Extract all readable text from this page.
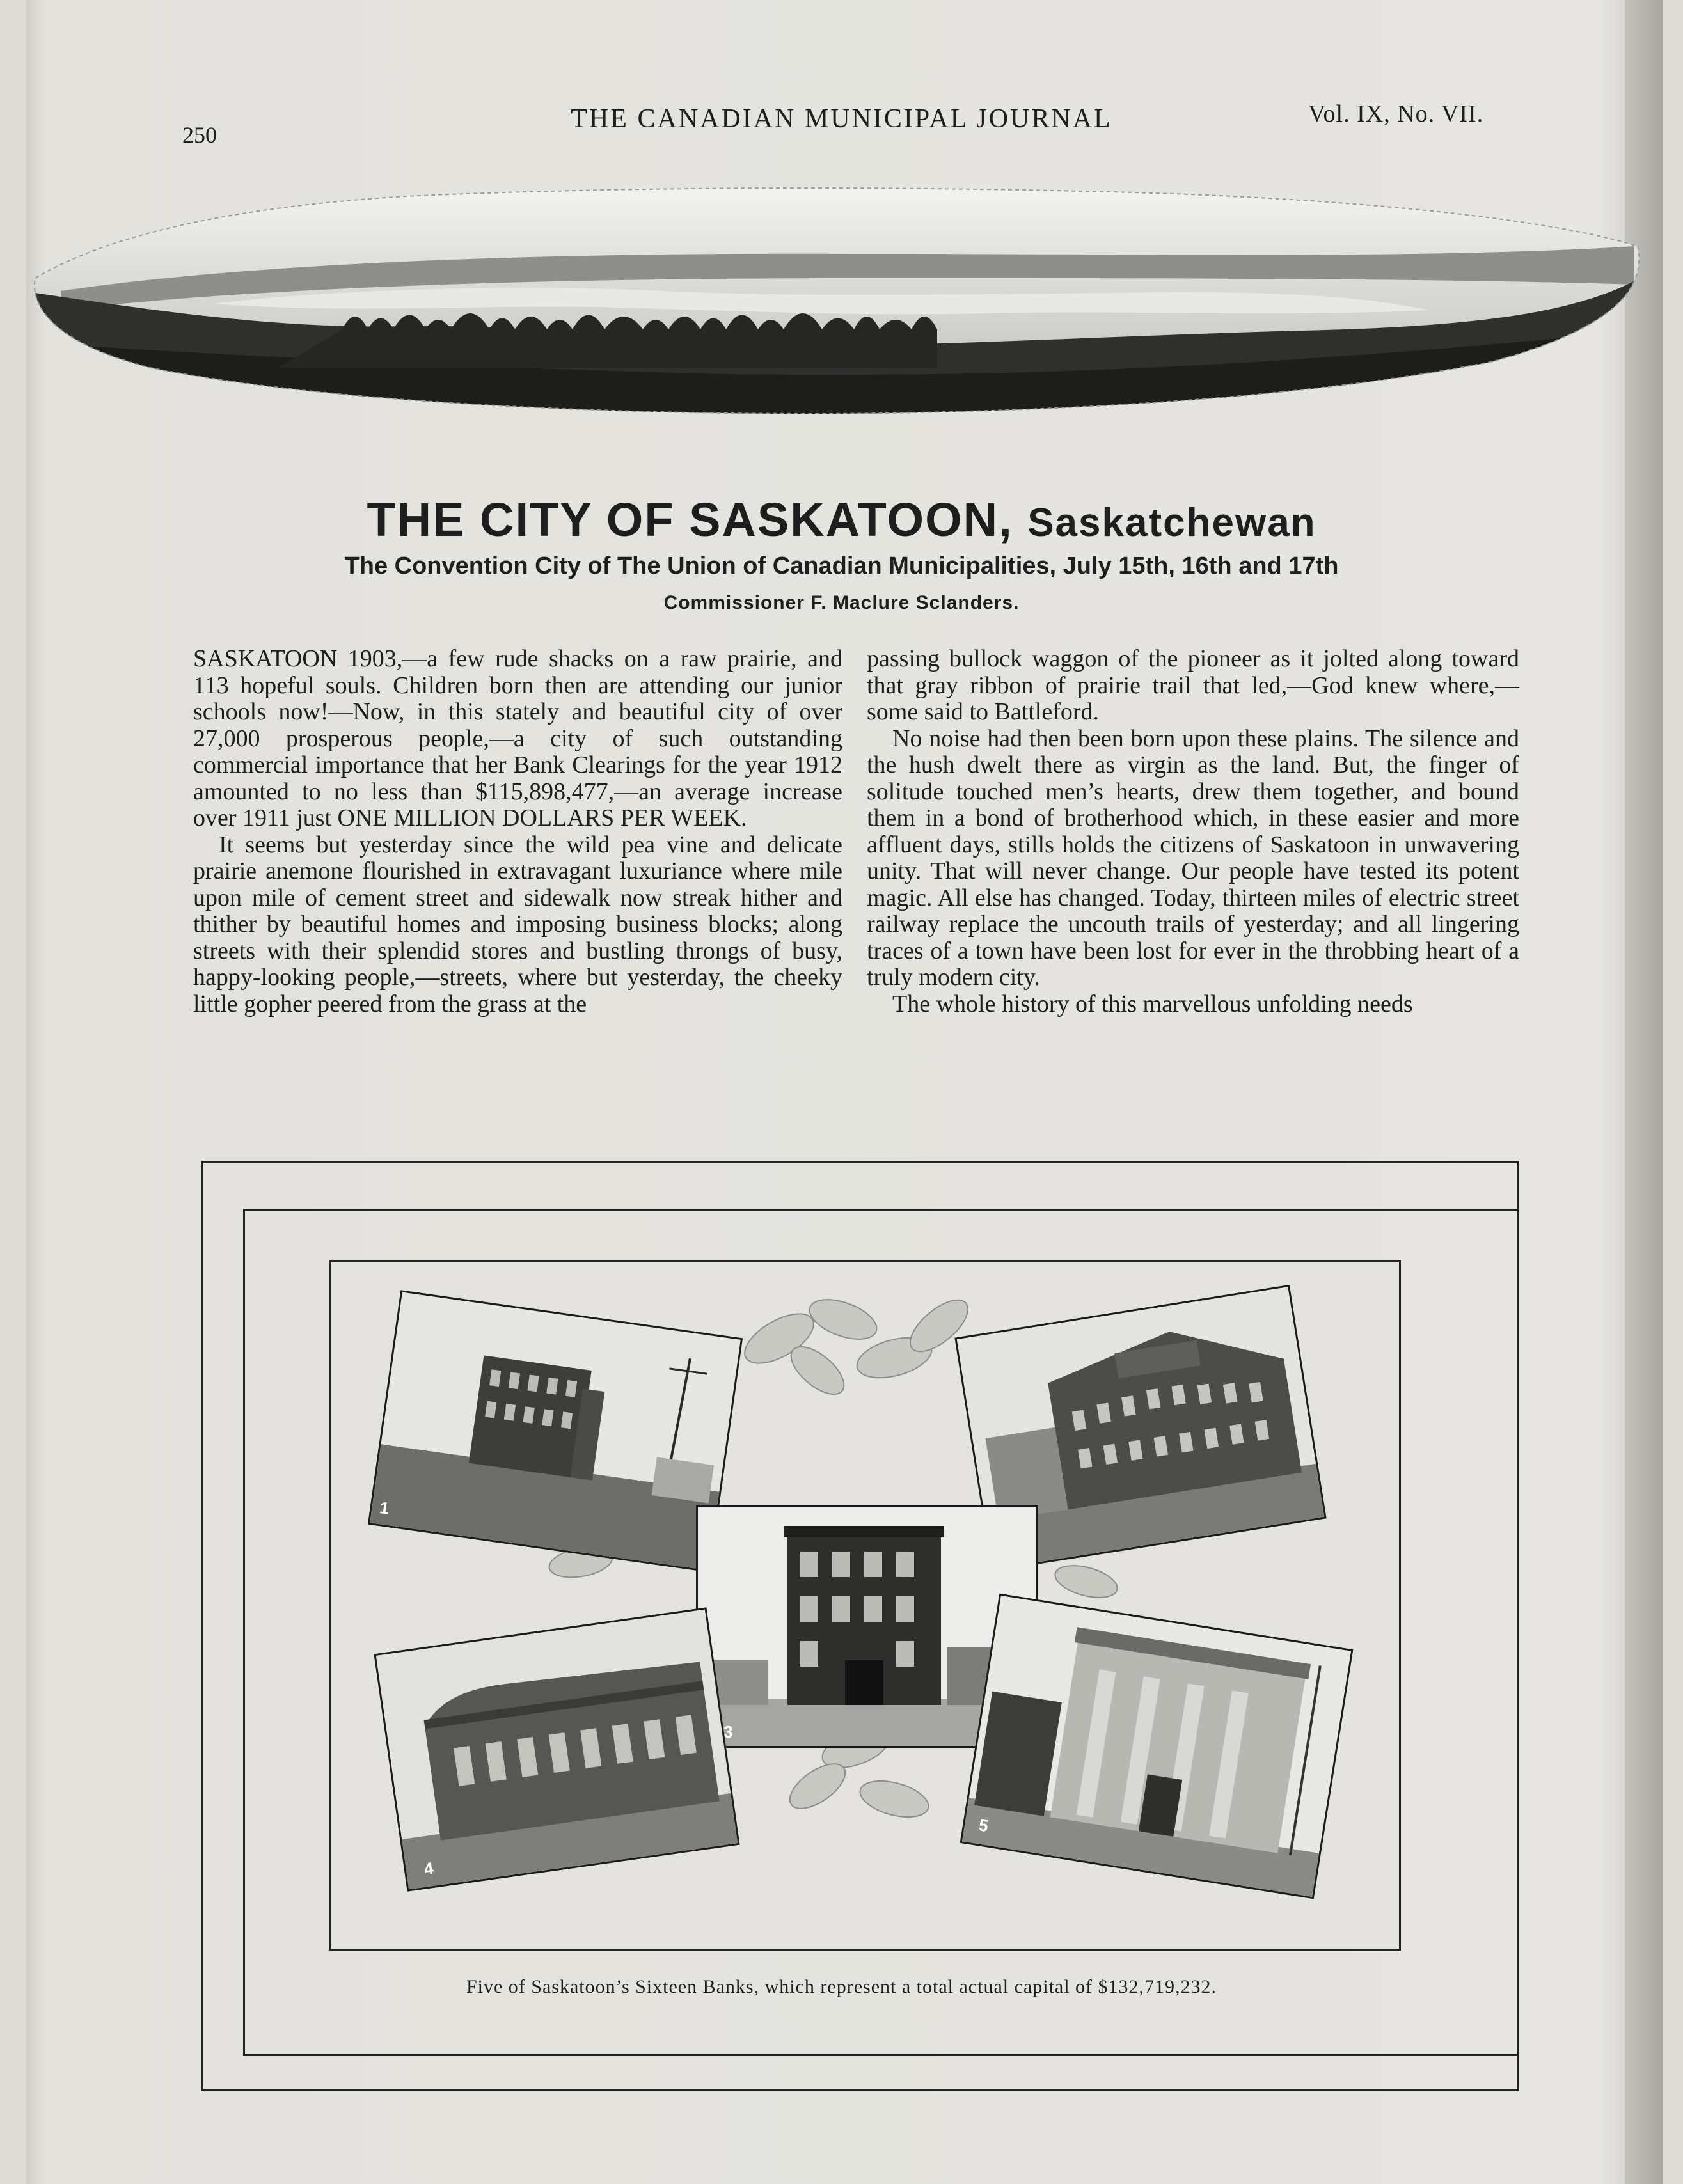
250
THE CANADIAN MUNICIPAL JOURNAL	Vol. IX, No. VII.
THE CITY OF SASKATOON, Saskatchewan
The Convention City of The Union of Canadian Municipalities, July 15th, 16th and 17th
Commissioner F. Maclure Sclanders.

SASKATOON 1903,—a few rude shacks on a raw prairie, and 113 hopeful souls. Children born then are attending our junior schools now!—Now, in this stately and beautiful city of over 27,000 prosperous people,—a city of such outstanding commercial importance that her Bank Clearings for the year 1912 amounted to no less than $115,898,477,—an average increase over 1911 just ONE MILLION DOLLARS PER WEEK.

It seems but yesterday since the wild pea vine and delicate prairie anemone flourished in extravagant luxuriance where mile upon mile of cement street and sidewalk now streak hither and thither by beautiful homes and imposing business blocks; along streets with their splendid stores and bustling throngs of busy, happy-looking people,—streets, where but yesterday, the cheeky little gopher peered from the grass at the

passing bullock waggon of the pioneer as it jolted along toward that gray ribbon of prairie trail that led,—God knew where,—some said to Battleford.

No noise had then been born upon these plains. The silence and the hush dwelt there as virgin as the land. But, the finger of solitude touched men’s hearts, drew them together, and bound them in a bond of brotherhood which, in these easier and more affluent days, stills holds the citizens of Saskatoon in unwavering unity. That will never change. Our people have tested its potent magic. All else has changed. Today, thirteen miles of electric street railway replace the uncouth trails of yesterday; and all lingering traces of a town have been lost for ever in the throbbing heart of a truly modern city.

The whole history of this marvellous unfolding needs

1
3
4
5
Five of Saskatoon’s Sixteen Banks, which represent a total actual capital of $132,719,232.
